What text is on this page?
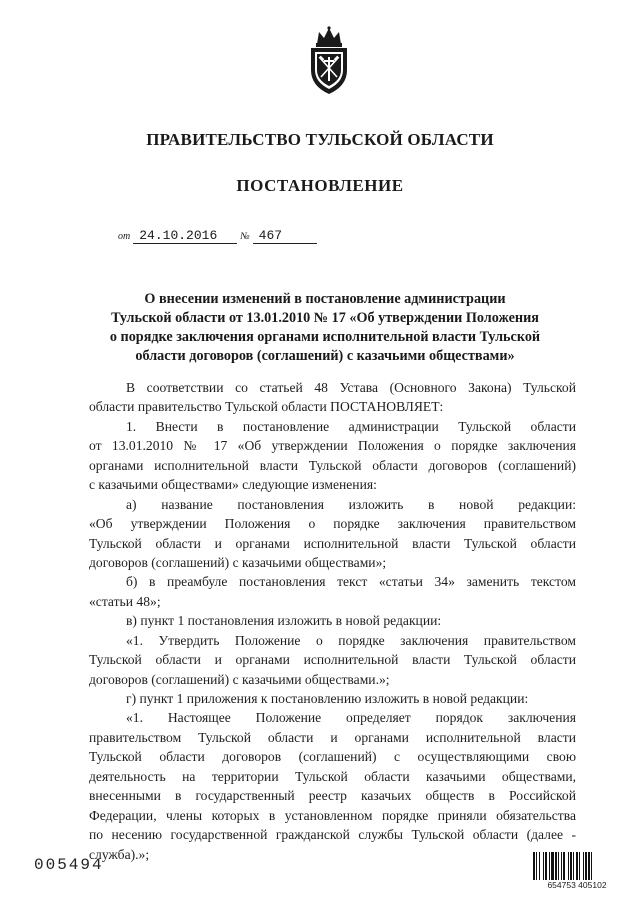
ПРАВИТЕЛЬСТВО ТУЛЬСКОЙ ОБЛАСТИ
ПОСТАНОВЛЕНИЕ
от 24.10.2016 № 467
О внесении изменений в постановление администрации
Тульской области от 13.01.2010 № 17 «Об утверждении Положения
о порядке заключения органами исполнительной власти Тульской
области договоров (соглашений) с казачьими обществами»
В соответствии со статьей 48 Устава (Основного Закона) Тульской
области правительство Тульской области ПОСТАНОВЛЯЕТ:
1. Внести в постановление администрации Тульской области
от 13.01.2010 № 17 «Об утверждении Положения о порядке заключения
органами исполнительной власти Тульской области договоров (соглашений)
с казачьими обществами» следующие изменения:
а) название постановления изложить в новой редакции:
«Об утверждении Положения о порядке заключения правительством
Тульской области и органами исполнительной власти Тульской области
договоров (соглашений) с казачьими обществами»;
б) в преамбуле постановления текст «статьи 34» заменить текстом
«статьи 48»;
в) пункт 1 постановления изложить в новой редакции:
«1. Утвердить Положение о порядке заключения правительством
Тульской области и органами исполнительной власти Тульской области
договоров (соглашений) с казачьими обществами.»;
г) пункт 1 приложения к постановлению изложить в новой редакции:
«1. Настоящее Положение определяет порядок заключения
правительством Тульской области и органами исполнительной власти
Тульской области договоров (соглашений) с осуществляющими свою
деятельность на территории Тульской области казачьими обществами,
внесенными в государственный реестр казачьих обществ в Российской
Федерации, члены которых в установленном порядке приняли обязательства
по несению государственной гражданской службы Тульской области (далее -
служба).»;
005494
654753 405102
